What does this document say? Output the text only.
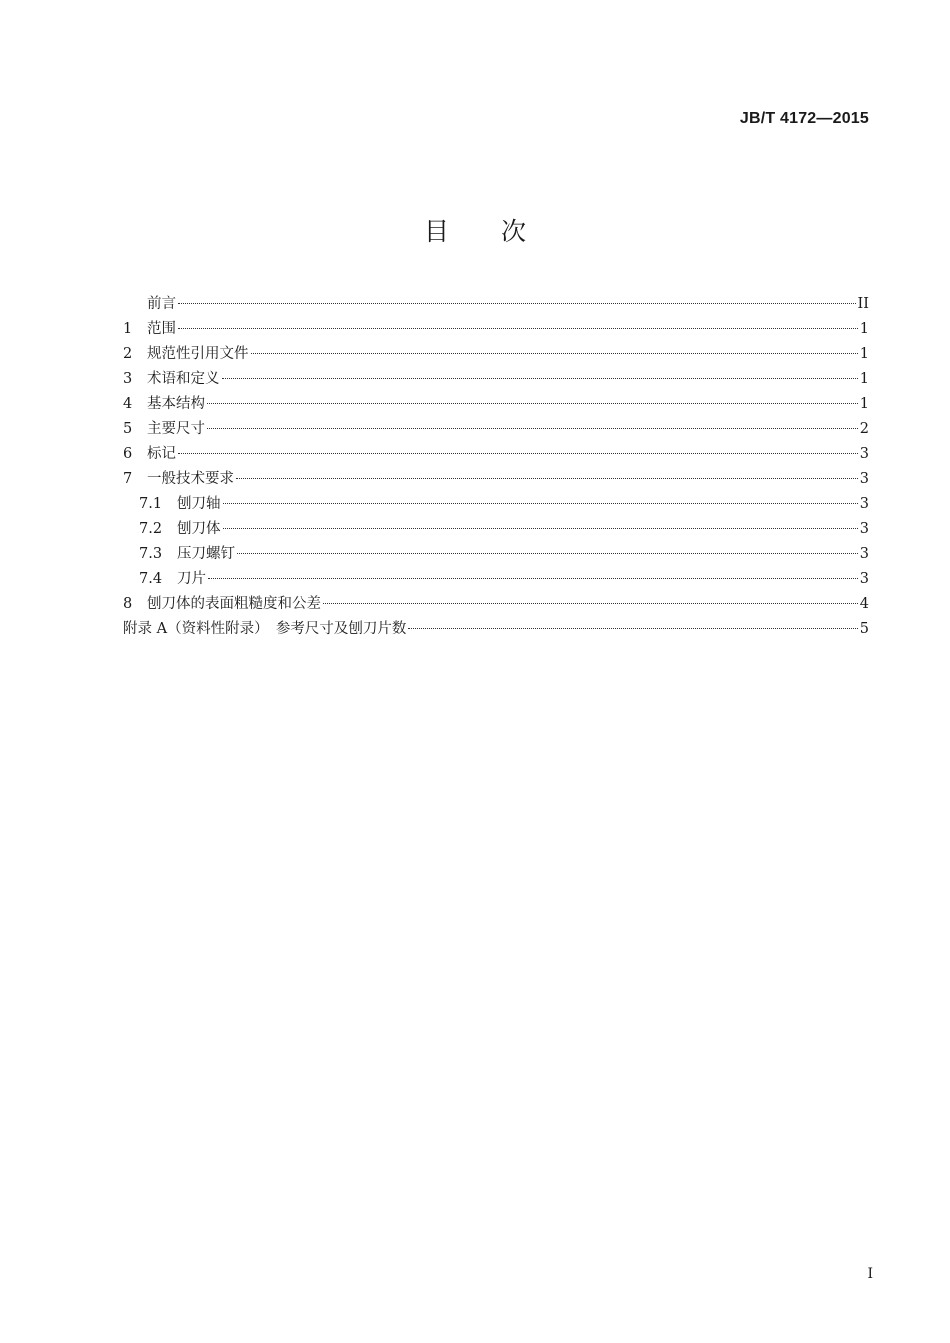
JB/T 4172—2015

目 次
前言	II
1	范围	1
2	规范性引用文件	1
3	术语和定义	1
4	基本结构	1
5	主要尺寸	2
6	标记	3
7	一般技术要求	3
7.1	刨刀轴	3
7.2	刨刀体	3
7.3	压刀螺钉	3
7.4	刀片	3
8	刨刀体的表面粗糙度和公差	4
附录 A（资料性附录）　参考尺寸及刨刀片数	5

I
